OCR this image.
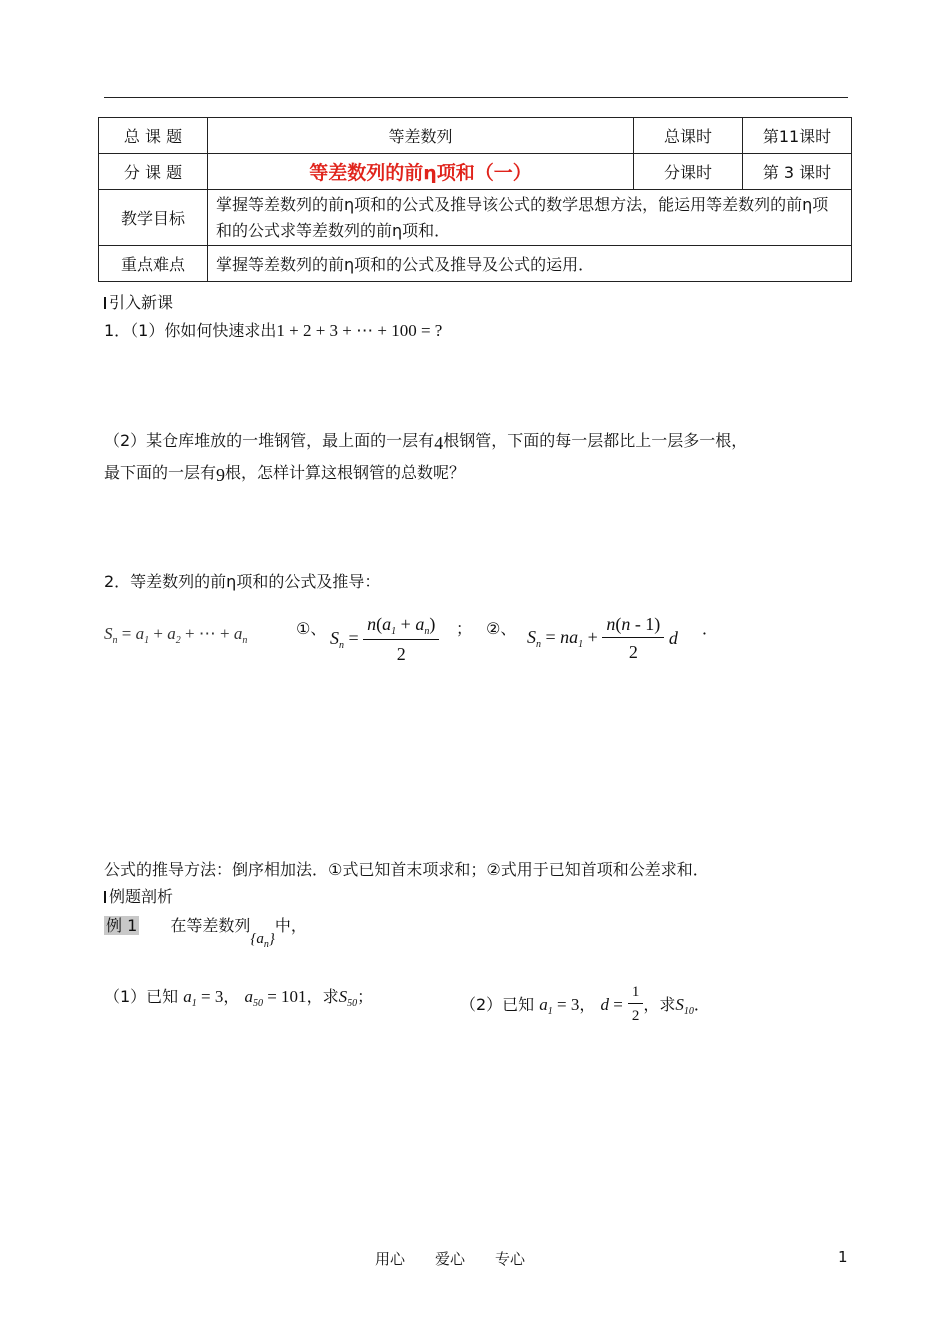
总 课 题	等差数列	总课时	第11课时
分 课 题	等差数列的前η项和（一）	分课时	第 3 课时
教学目标	掌握等差数列的前η项和的公式及推导该公式的数学思想方法，能运用等差数列的前η项和的公式求等差数列的前η项和．		
重点难点	掌握等差数列的前η项和的公式及推导及公式的运用．		
引入新课
1．（1）你如何快速求出1 + 2 + 3 + ⋯ + 100 = ?
（2）某仓库堆放的一堆钢管，最上面的一层有4根钢管，下面的每一层都比上一层多一根，
最下面的一层有9根，怎样计算这根钢管的总数呢？
2．等差数列的前η项和的公式及推导：
$S_n = a_1 + a_2$ + ⋯ + $a_n$
①、 $S_n = \frac{n(a_1 + a_n)}{2}$ ； ②、 $S_n = na_1 + \frac{n(n - 1)}{2}$ d ．
公式的推导方法：倒序相加法．①式已知首末项求和；②式用于已知首项和公差求和．
例题剖析
例 1 在等差数列$\{a_n\}$中，
（1）已知 $a_1 = 3$， $a_{50} = 101$，求$S_{50}$；	（2）已知 $a_1 = 3$， $d = \frac{1}{2}$ ，求$S_{10}$．
用心　　爱心　　专心	1
